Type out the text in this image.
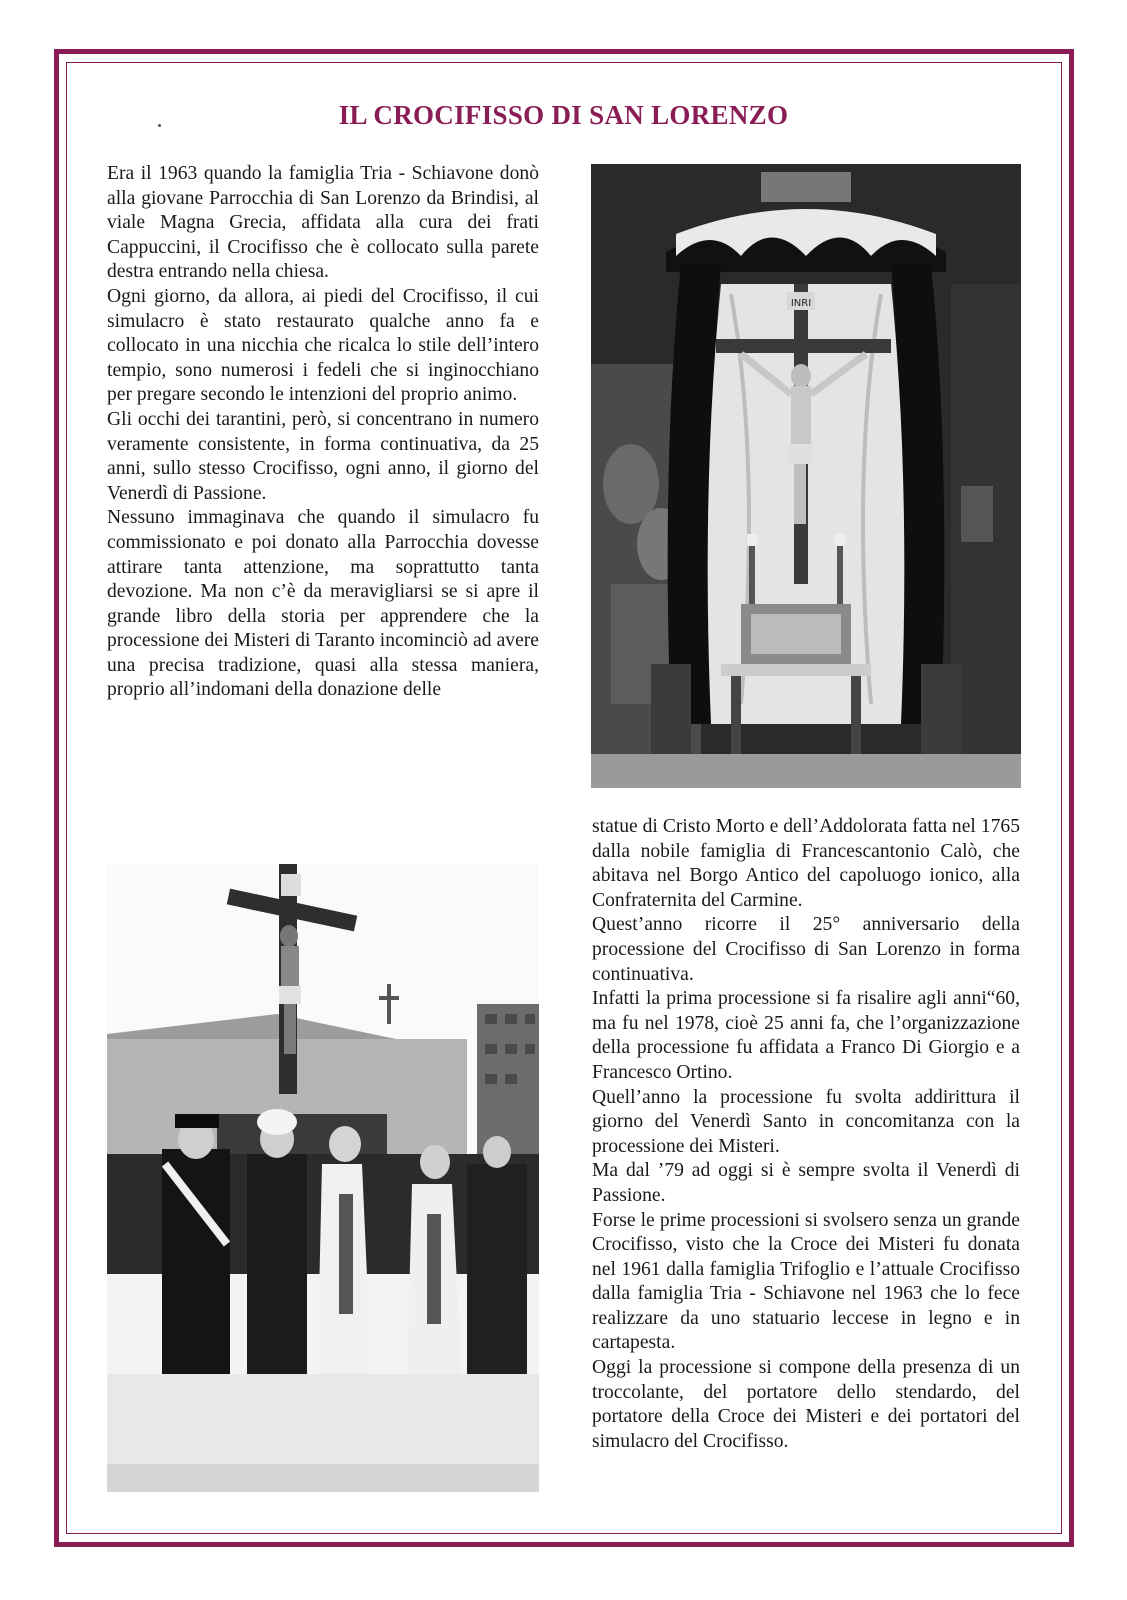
IL CROCIFISSO DI SAN LORENZO

Era il 1963 quando la famiglia Tria - Schiavone donò alla giovane Parrocchia di San Lorenzo da Brindisi, al viale Magna Grecia, affidata alla cura dei frati Cappuccini, il Crocifisso che è collocato sulla parete destra entrando nella chiesa.

Ogni giorno, da allora, ai piedi del Crocifisso, il cui simulacro è stato restaurato qualche anno fa e collocato in una nicchia che ricalca lo stile dell’intero tempio, sono numerosi i fedeli che si inginocchiano per pregare secondo le intenzioni del proprio animo.

Gli occhi dei tarantini, però, si concentrano in numero veramente consistente, in forma continuativa, da 25 anni, sullo stesso Crocifisso, ogni anno, il giorno del Venerdì di Passione.

Nessuno immaginava che quando il simulacro fu commissionato e poi donato alla Parrocchia dovesse attirare tanta attenzione, ma soprattutto tanta devozione. Ma non c’è da meravigliarsi se si apre il grande libro della storia per apprendere che la processione dei Misteri di Taranto incominciò ad avere una precisa tradizione, quasi alla stessa maniera, proprio all’indomani della donazione delle

statue di Cristo Morto e dell’Addolorata fatta nel 1765 dalla nobile famiglia di Francescantonio Calò, che abitava nel Borgo Antico del capoluogo ionico, alla Confraternita del Carmine.

Quest’anno ricorre il 25° anniversario della processione del Crocifisso di San Lorenzo in forma continuativa.

Infatti la prima processione si fa risalire agli anni“60, ma fu nel 1978, cioè 25 anni fa, che l’organizzazione della processione fu affidata a Franco Di Giorgio e a Francesco Ortino.

Quell’anno la processione fu svolta addirittura il giorno del Venerdì Santo in concomitanza con la processione dei Misteri.

Ma dal ’79 ad oggi si è sempre svolta il Venerdì di Passione.

Forse le prime processioni si svolsero senza un grande Crocifisso, visto che la Croce dei Misteri fu donata nel 1961 dalla famiglia Trifoglio e l’attuale Crocifisso dalla famiglia Tria - Schiavone nel 1963 che lo fece realizzare da uno statuario leccese in legno e in cartapesta.

Oggi la processione si compone della presenza di un troccolante, del portatore dello stendardo, del portatore della Croce dei Misteri e dei portatori del simulacro del Crocifisso.

INRI
